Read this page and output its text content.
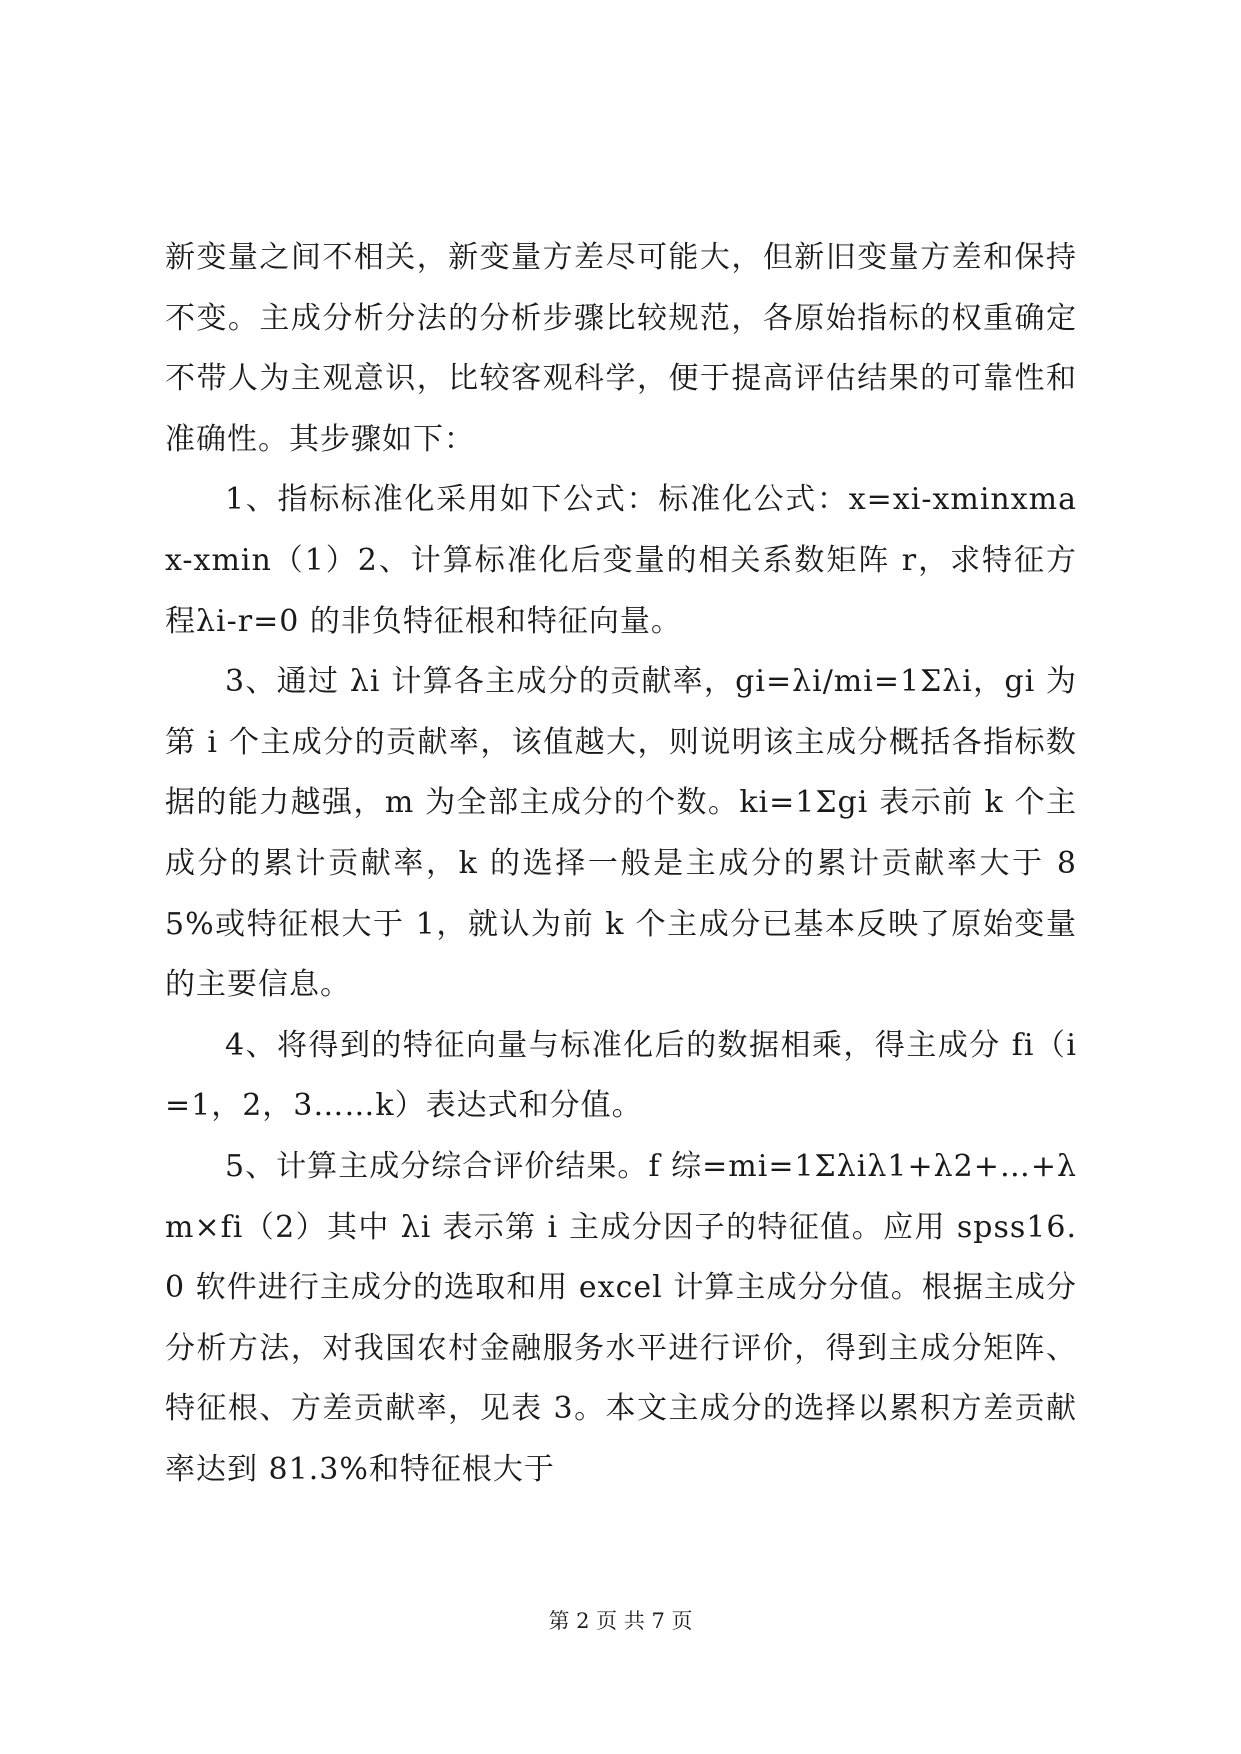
新变量之间不相关，新变量方差尽可能大，但新旧变量方差和保持不变。主成分析分法的分析步骤比较规范，各原始指标的权重确定不带人为主观意识，比较客观科学，便于提高评估结果的可靠性和准确性。其步骤如下：

1、指标标准化采用如下公式：标准化公式：x=xi-xminxmax-xmin（1）2、计算标准化后变量的相关系数矩阵 r，求特征方程λi-r=0 的非负特征根和特征向量。

3、通过 λi 计算各主成分的贡献率，gi=λi/mi=1Σλi，gi 为第 i 个主成分的贡献率，该值越大，则说明该主成分概括各指标数据的能力越强，m 为全部主成分的个数。ki=1Σgi 表示前 k 个主成分的累计贡献率，k 的选择一般是主成分的累计贡献率大于 85%或特征根大于 1，就认为前 k 个主成分已基本反映了原始变量的主要信息。

4、将得到的特征向量与标准化后的数据相乘，得主成分 fi（i=1，2，3……k）表达式和分值。

5、计算主成分综合评价结果。f 综=mi=1Σλiλ1+λ2+…+λm×fi（2）其中 λi 表示第 i 主成分因子的特征值。应用 spss16.0 软件进行主成分的选取和用 excel 计算主成分分值。根据主成分分析方法，对我国农村金融服务水平进行评价，得到主成分矩阵、特征根、方差贡献率，见表 3。本文主成分的选择以累积方差贡献率达到 81.3%和特征根大于

第 2 页 共 7 页
